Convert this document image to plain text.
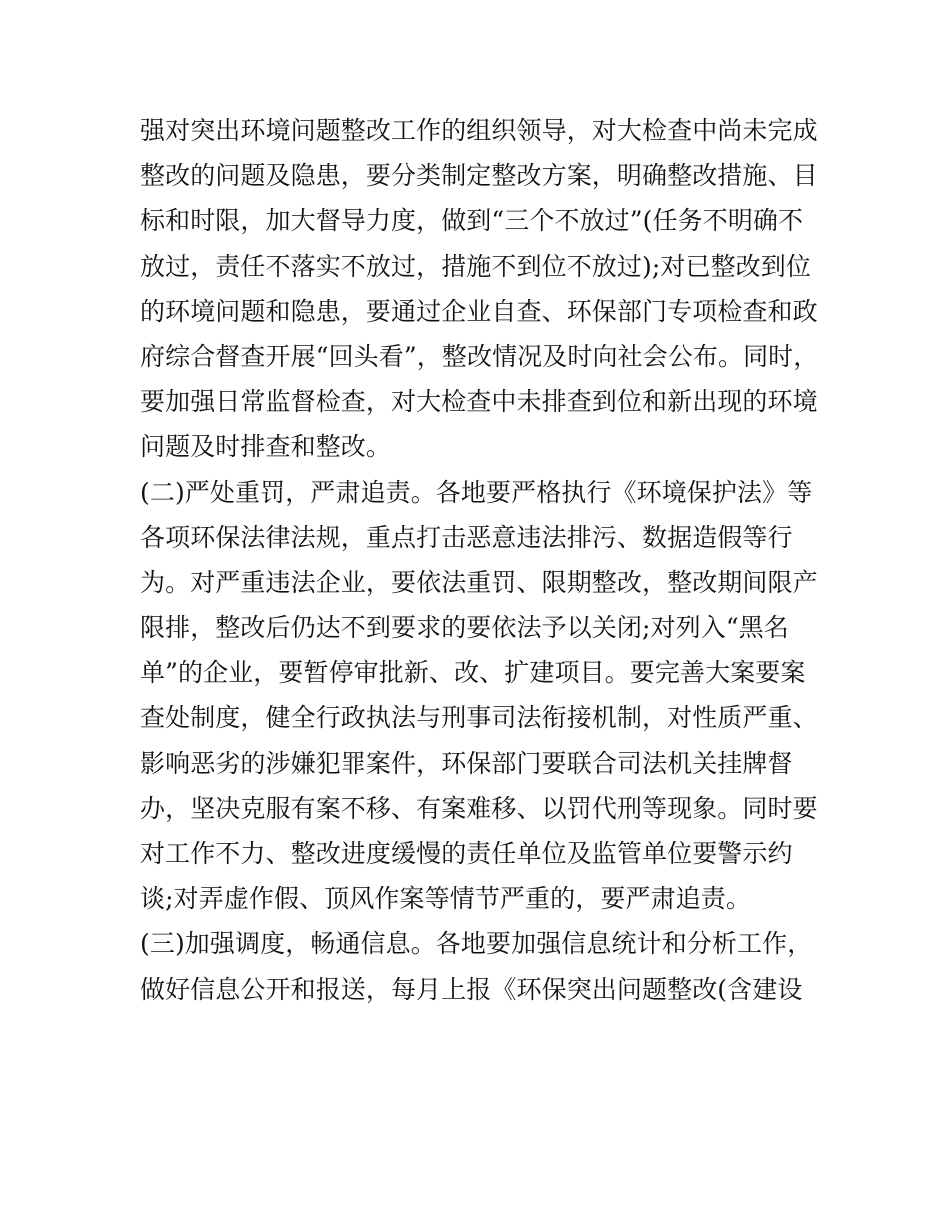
强对突出环境问题整改工作的组织领导，对大检查中尚未完成
整改的问题及隐患，要分类制定整改方案，明确整改措施、目
标和时限，加大督导力度，做到“三个不放过”(任务不明确不
放过，责任不落实不放过，措施不到位不放过);对已整改到位
的环境问题和隐患，要通过企业自查、环保部门专项检查和政
府综合督查开展“回头看”，整改情况及时向社会公布。同时，
要加强日常监督检查，对大检查中未排查到位和新出现的环境
问题及时排查和整改。
(二)严处重罚，严肃追责。各地要严格执行《环境保护法》等
各项环保法律法规，重点打击恶意违法排污、数据造假等行
为。对严重违法企业，要依法重罚、限期整改，整改期间限产
限排，整改后仍达不到要求的要依法予以关闭;对列入“黑名
单”的企业，要暂停审批新、改、扩建项目。要完善大案要案
查处制度，健全行政执法与刑事司法衔接机制，对性质严重、
影响恶劣的涉嫌犯罪案件，环保部门要联合司法机关挂牌督
办，坚决克服有案不移、有案难移、以罚代刑等现象。同时要
对工作不力、整改进度缓慢的责任单位及监管单位要警示约
谈;对弄虚作假、顶风作案等情节严重的，要严肃追责。
(三)加强调度，畅通信息。各地要加强信息统计和分析工作，
做好信息公开和报送，每月上报《环保突出问题整改(含建设
